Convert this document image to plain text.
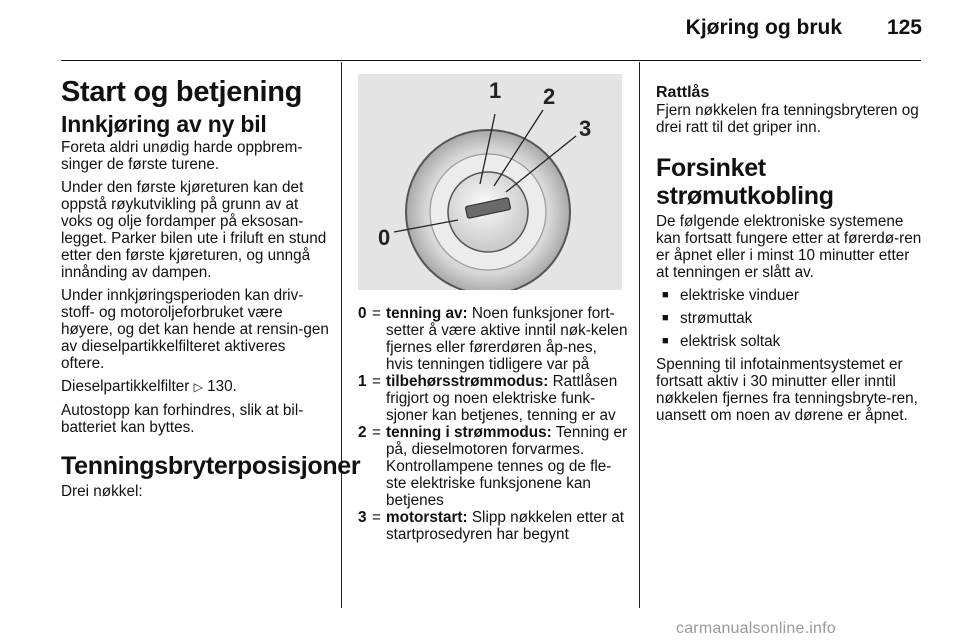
Kjøring og bruk 125
Start og betjening
Innkjøring av ny bil

Foreta aldri unødig harde oppbrem-singer de første turene.

Under den første kjøreturen kan det oppstå røykutvikling på grunn av at voks og olje fordamper på eksosan-legget. Parker bilen ute i friluft en stund etter den første kjøreturen, og unngå innånding av dampen.

Under innkjøringsperioden kan driv-stoff- og motoroljeforbruket være høyere, og det kan hende at rensin-gen av dieselpartikkelfilteret aktiveres oftere.

Dieselpartikkelfilter ▷ 130.

Autostopp kan forhindres, slik at bil-batteriet kan byttes.

Tenningsbryterposisjoner

Drei nøkkel:

0
1 2
3
0 = tenning av: Noen funksjoner fort-setter å være aktive inntil nøk-kelen fjernes eller førerdøren åp-nes, hvis tenningen tidligere var på
1 = tilbehørsstrømmodus: Rattlåsen frigjort og noen elektriske funk-sjoner kan betjenes, tenning er av
2 = tenning i strømmodus: Tenning er på, dieselmotoren forvarmes. Kontrollampene tennes og de fle-ste elektriske funksjonene kan betjenes
3 = motorstart: Slipp nøkkelen etter at startprosedyren har begynt
Rattlås

Fjern nøkkelen fra tenningsbryteren og drei ratt til det griper inn.

Forsinket strømutkobling

De følgende elektroniske systemene kan fortsatt fungere etter at førerdø-ren er åpnet eller i minst 10 minutter etter at tenningen er slått av.

■ elektriske vinduer
■ strømuttak
■ elektrisk soltak

Spenning til infotainmentsystemet er fortsatt aktiv i 30 minutter eller inntil nøkkelen fjernes fra tenningsbryte-ren, uansett om noen av dørene er åpnet.

carmanualsonline.info
